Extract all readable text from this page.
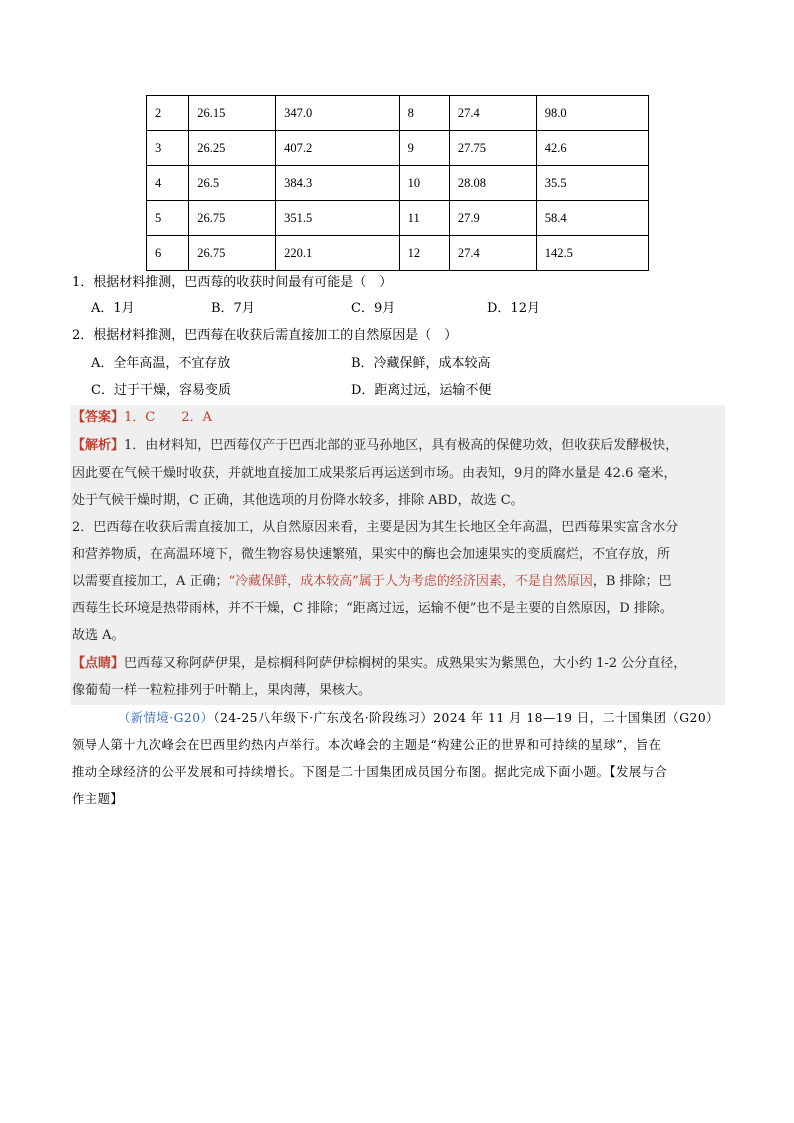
2	26.15	347.0	8	27.4	98.0
3	26.25	407.2	9	27.75	42.6
4	26.5	384.3	10	28.08	35.5
5	26.75	351.5	11	27.9	58.4
6	26.75	220.1	12	27.4	142.5
1．根据材料推测，巴西莓的收获时间最有可能是（　）
A．1月	B．7月	C．9月	D．12月
2．根据材料推测，巴西莓在收获后需直接加工的自然原因是（　）
A．全年高温，不宜存放	B．冷藏保鲜，成本较高
C．过于干燥，容易变质	D．距离过远，运输不便
【答案】1．C　　2．A
【解析】1．由材料知，巴西莓仅产于巴西北部的亚马孙地区，具有极高的保健功效，但收获后发酵极快，
因此要在气候干燥时收获，并就地直接加工成果浆后再运送到市场。由表知，9月的降水量是 42.6 毫米，
处于气候干燥时期，C 正确，其他选项的月份降水较多，排除 ABD，故选 C。
2．巴西莓在收获后需直接加工，从自然原因来看，主要是因为其生长地区全年高温，巴西莓果实富含水分
和营养物质，在高温环境下，微生物容易快速繁殖，果实中的酶也会加速果实的变质腐烂，不宜存放，所
以需要直接加工，A 正确；“冷藏保鲜，成本较高”属于人为考虑的经济因素，不是自然原因，B 排除；巴
西莓生长环境是热带雨林，并不干燥，C 排除；“距离过远，运输不便”也不是主要的自然原因，D 排除。
故选 A。
【点睛】巴西莓又称阿萨伊果，是棕榈科阿萨伊棕榈树的果实。成熟果实为紫黑色，大小约 1-2 公分直径，
像葡萄一样一粒粒排列于叶鞘上，果肉薄，果核大。
（新情境·G20）（24-25八年级下·广东茂名·阶段练习）2024 年 11 月 18—19 日，二十国集团（G20）
领导人第十九次峰会在巴西里约热内卢举行。本次峰会的主题是“构建公正的世界和可持续的星球”，旨在
推动全球经济的公平发展和可持续增长。下图是二十国集团成员国分布图。据此完成下面小题。【发展与合
作主题】
